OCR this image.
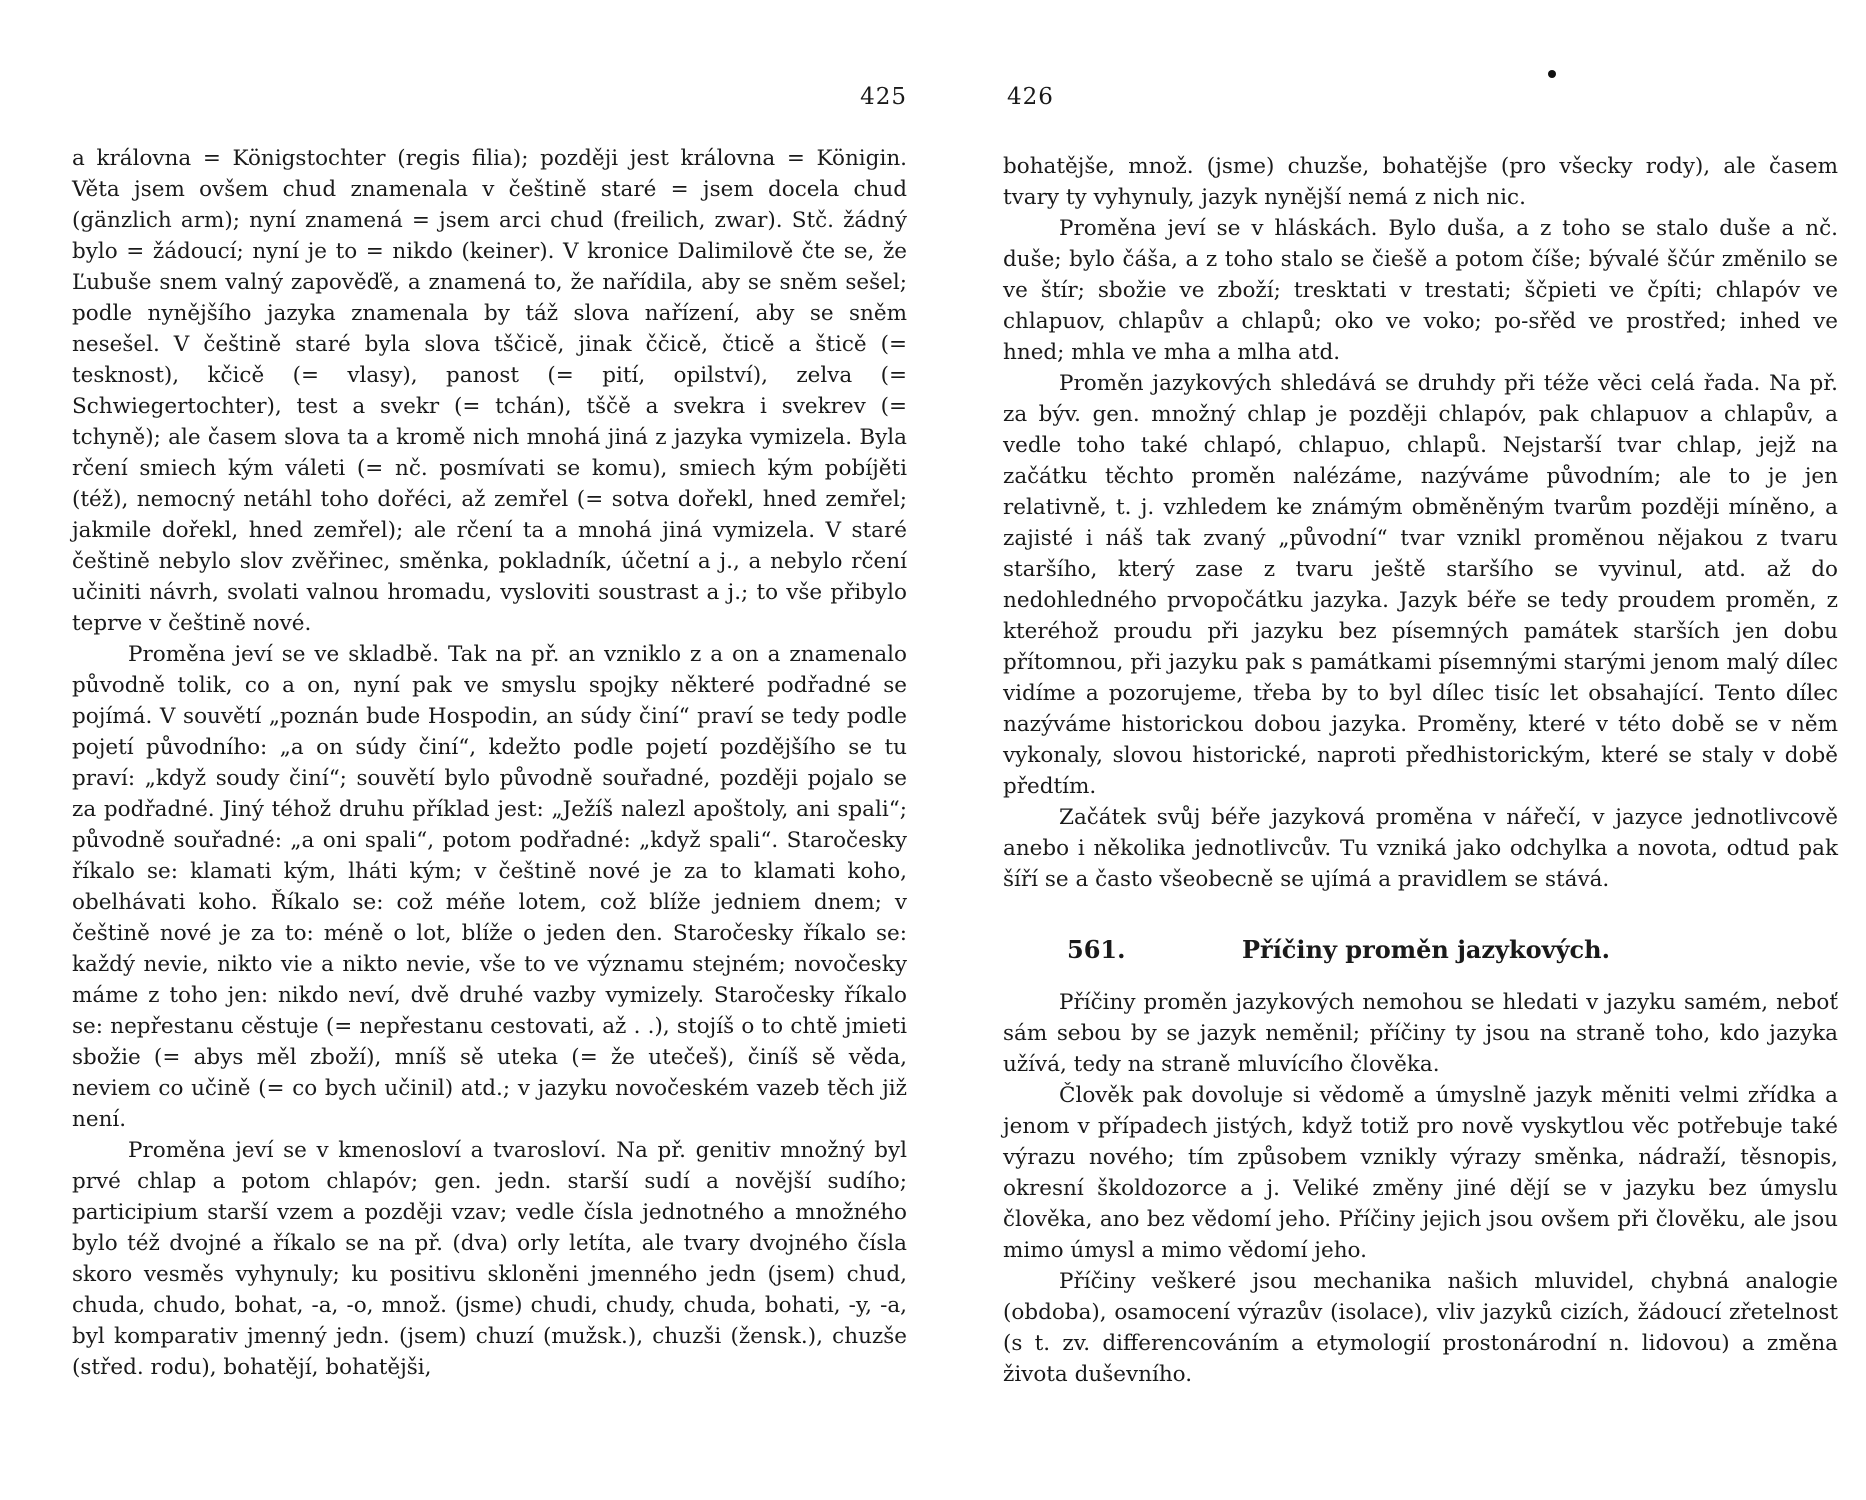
425

a královna = Königstochter (regis filia); později jest královna = Königin. Věta jsem ovšem chud znamenala v češtině staré = jsem docela chud (gänzlich arm); nyní znamená = jsem arci chud (freilich, zwar). Stč. žádný bylo = žádoucí; nyní je to = nikdo (keiner). V kronice Dalimilově čte se, že Ľubuše snem valný zapověďě, a znamená to, že nařídila, aby se sněm sešel; podle nynějšího jazyka znamenala by táž slova nařízení, aby se sněm nesešel. V češtině staré byla slova tščicě, jinak ččicě, čticě a šticě (= tesknost), kčicě (= vlasy), panost (= pití, opilství), zelva (= Schwiegertochter), test a svekr (= tchán), tščě a svekra i svekrev (= tchyně); ale časem slova ta a kromě nich mnohá jiná z jazyka vymizela. Byla rčení smiech kým váleti (= nč. posmívati se komu), smiech kým pobíjěti (též), nemocný netáhl toho dořéci, až zemřel (= sotva dořekl, hned zemřel; jakmile dořekl, hned zemřel); ale rčení ta a mnohá jiná vymizela. V staré češtině nebylo slov zvěřinec, směnka, pokladník, účetní a j., a nebylo rčení učiniti návrh, svolati valnou hromadu, vysloviti soustrast a j.; to vše přibylo teprve v češtině nové.

Proměna jeví se ve skladbě. Tak na př. an vzniklo z a on a znamenalo původně tolik, co a on, nyní pak ve smyslu spojky některé podřadné se pojímá. V souvětí „poznán bude Hospodin, an súdy činí“ praví se tedy podle pojetí původního: „a on súdy činí“, kdežto podle pojetí pozdějšího se tu praví: „když soudy činí“; souvětí bylo původně souřadné, později pojalo se za podřadné. Jiný téhož druhu příklad jest: „Ježíš nalezl apoštoly, ani spali“; původně souřadné: „a oni spali“, potom podřadné: „když spali“. Staročesky říkalo se: klamati kým, lháti kým; v češtině nové je za to klamati koho, obelhávati koho. Říkalo se: což méňe lotem, což blíže jedniem dnem; v češtině nové je za to: méně o lot, blíže o jeden den. Staročesky říkalo se: každý nevie, nikto vie a nikto nevie, vše to ve významu stejném; novočesky máme z toho jen: nikdo neví, dvě druhé vazby vymizely. Staročesky říkalo se: nepřestanu cěstuje (= nepřestanu cestovati, až . .), stojíš o to chtě jmieti sbožie (= abys měl zboží), mníš sě uteka (= že utečeš), činíš sě věda, neviem co učině (= co bych učinil) atd.; v jazyku novočeském vazeb těch již není.

Proměna jeví se v kmenosloví a tvarosloví. Na př. genitiv množný byl prvé chlap a potom chlapóv; gen. jedn. starší sudí a novější sudího; participium starší vzem a později vzav; vedle čísla jednotného a množného bylo též dvojné a říkalo se na př. (dva) orly letíta, ale tvary dvojného čísla skoro vesměs vyhynuly; ku positivu skloněni jmenného jedn (jsem) chud, chuda, chudo, bohat, -a, -o, množ. (jsme) chudi, chudy, chuda, bohati, -y, -a, byl komparativ jmenný jedn. (jsem) chuzí (mužsk.), chuzši (žensk.), chuzše (střed. rodu), bohatějí, bohatějši,

426

bohatějše, množ. (jsme) chuzše, bohatějše (pro všecky rody), ale časem tvary ty vyhynuly, jazyk nynější nemá z nich nic.

Proměna jeví se v hláskách. Bylo duša, a z toho se stalo duše a nč. duše; bylo čáša, a z toho stalo se čiešě a potom číše; bývalé ščúr změnilo se ve štír; sbožie ve zboží; tresktati v trestati; ščpieti ve čpíti; chlapóv ve chlapuov, chlapův a chlapů; oko ve voko; po-sřěd ve prostřed; inhed ve hned; mhla ve mha a mlha atd.

Proměn jazykových shledává se druhdy při téže věci celá řada. Na př. za býv. gen. množný chlap je později chlapóv, pak chlapuov a chlapův, a vedle toho také chlapó, chlapuo, chlapů. Nejstarší tvar chlap, jejž na začátku těchto proměn nalézáme, nazýváme původním; ale to je jen relativně, t. j. vzhledem ke známým obměněným tvarům později míněno, a zajisté i náš tak zvaný „původní“ tvar vznikl proměnou nějakou z tvaru staršího, který zase z tvaru ještě staršího se vyvinul, atd. až do nedohledného prvopočátku jazyka. Jazyk béře se tedy proudem proměn, z kteréhož proudu při jazyku bez písemných památek starších jen dobu přítomnou, při jazyku pak s památkami písemnými starými jenom malý dílec vidíme a pozorujeme, třeba by to byl dílec tisíc let obsahající. Tento dílec nazýváme historickou dobou jazyka. Proměny, které v této době se v něm vykonaly, slovou historické, naproti předhistorickým, které se staly v době předtím.

Začátek svůj béře jazyková proměna v nářečí, v jazyce jednotlivcově anebo i několika jednotlivcův. Tu vzniká jako odchylka a novota, odtud pak šíří se a často všeobecně se ujímá a pravidlem se stává.

561.	Příčiny proměn jazykových.

Příčiny proměn jazykových nemohou se hledati v jazyku samém, neboť sám sebou by se jazyk neměnil; příčiny ty jsou na straně toho, kdo jazyka užívá, tedy na straně mluvícího člověka.

Člověk pak dovoluje si vědomě a úmyslně jazyk měniti velmi zřídka a jenom v případech jistých, když totiž pro nově vyskytlou věc potřebuje také výrazu nového; tím způsobem vznikly výrazy směnka, nádraží, těsnopis, okresní školdozorce a j. Veliké změny jiné dějí se v jazyku bez úmyslu člověka, ano bez vědomí jeho. Příčiny jejich jsou ovšem při člověku, ale jsou mimo úmysl a mimo vědomí jeho.

Příčiny veškeré jsou mechanika našich mluvidel, chybná analogie (obdoba), osamocení výrazův (isolace), vliv jazyků cizích, žádoucí zřetelnost (s t. zv. differencováním a etymologií prostonárodní n. lidovou) a změna života duševního.
